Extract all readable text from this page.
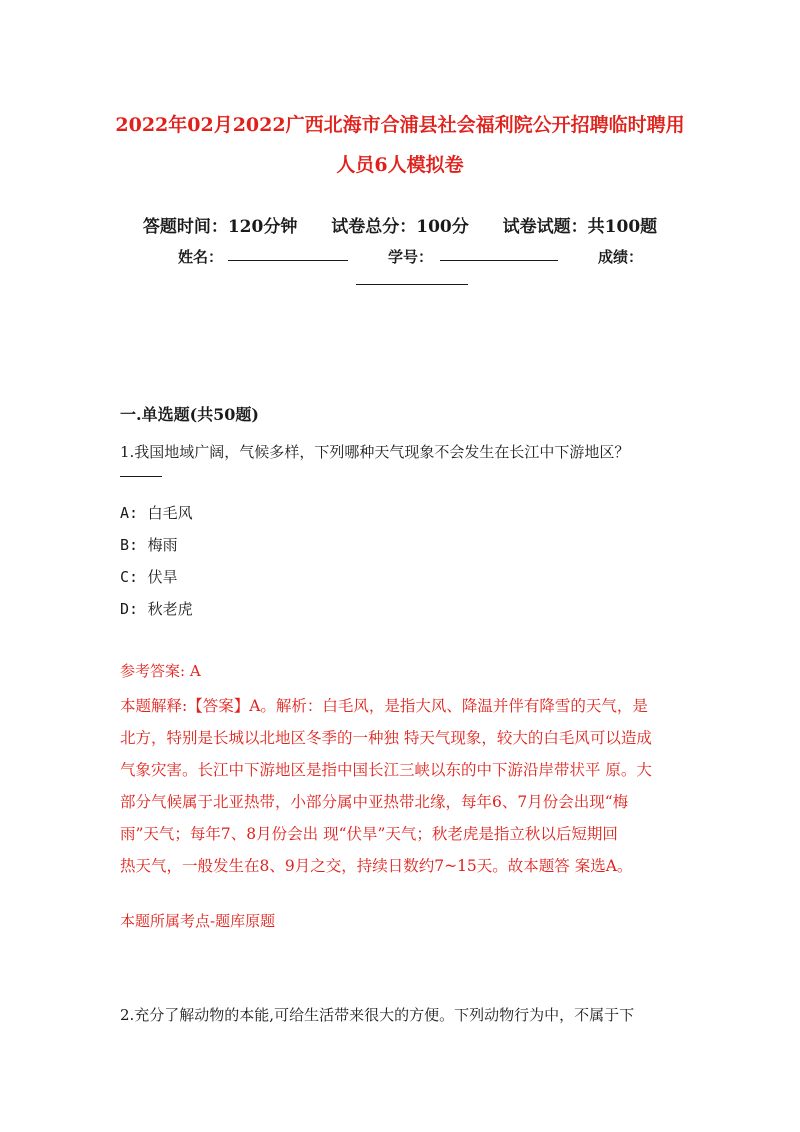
2022年02月2022广西北海市合浦县社会福利院公开招聘临时聘用
人员6人模拟卷
答题时间：120分钟 试卷总分：100分 试卷试题：共100题
姓名：	学号：	成绩：
一.单选题(共50题)
1.我国地域广阔，气候多样，下列哪种天气现象不会发生在长江中下游地区？
A: 白毛风
B: 梅雨
C: 伏旱
D: 秋老虎
参考答案: A
本题解释:【答案】A。解析：白毛风，是指大风、降温并伴有降雪的天气，是
北方，特别是长城以北地区冬季的一种独 特天气现象，较大的白毛风可以造成
气象灾害。长江中下游地区是指中国长江三峡以东的中下游沿岸带状平 原。大
部分气候属于北亚热带，小部分属中亚热带北缘，每年6、7月份会出现“梅
雨”天气；每年7、8月份会出 现“伏旱”天气；秋老虎是指立秋以后短期回
热天气，一般发生在8、9月之交，持续日数约7~15天。故本题答 案选A。
本题所属考点-题库原题
2.充分了解动物的本能,可给生活带来很大的方便。下列动物行为中，不属于下
